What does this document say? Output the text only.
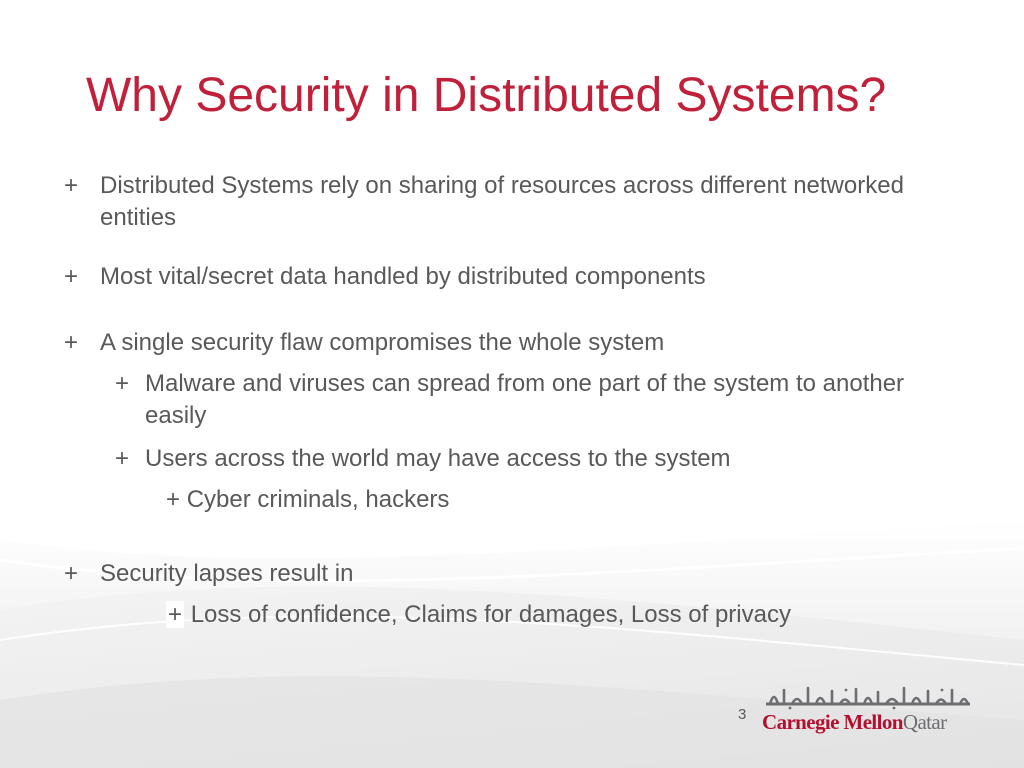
Why Security in Distributed Systems?
+ Distributed Systems rely on sharing of resources across different networked entities
+ Most vital/secret data handled by distributed components
+ A single security flaw compromises the whole system
+ Malware and viruses can spread from one part of the system to another easily
+ Users across the world may have access to the system
+ Cyber criminals, hackers
+ Security lapses result in
+ Loss of confidence, Claims for damages, Loss of privacy
3 Carnegie MellonQatar
